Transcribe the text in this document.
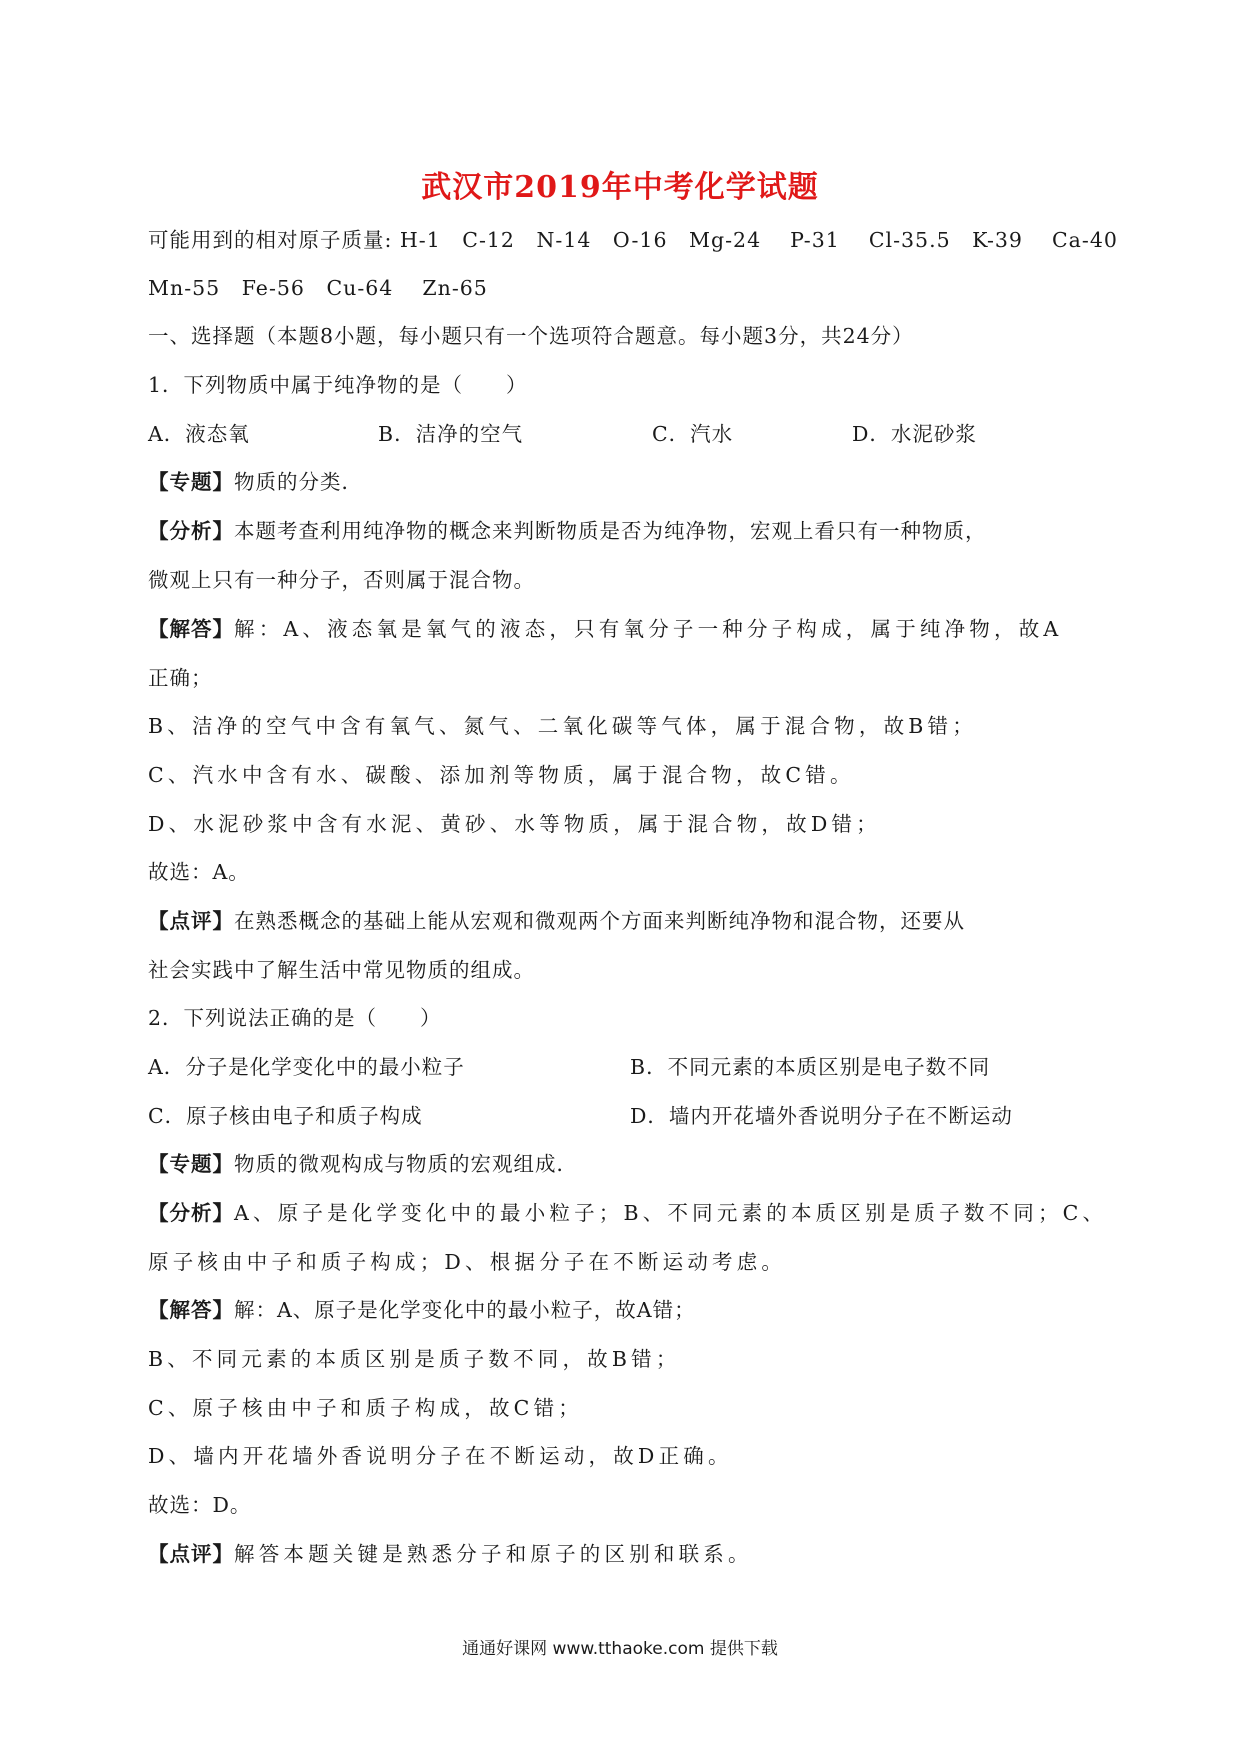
武汉市2019年中考化学试题
可能用到的相对原子质量: H-1　C-12　N-14　O-16　Mg-24　 P-31　 Cl-35.5　K-39　 Ca-40
Mn-55　Fe-56　Cu-64　 Zn-65
一、选择题（本题8小题，每小题只有一个选项符合题意。每小题3分，共24分）
1．下列物质中属于纯净物的是（　　）
A．液态氧	B．洁净的空气	C．汽水	D．水泥砂浆
【专题】物质的分类．
【分析】本题考查利用纯净物的概念来判断物质是否为纯净物，宏观上看只有一种物质，
微观上只有一种分子，否则属于混合物。
【解答】解：A、液态氧是氧气的液态，只有氧分子一种分子构成，属于纯净物，故A
正确；
B、洁净的空气中含有氧气、氮气、二氧化碳等气体，属于混合物，故B错；
C、汽水中含有水、碳酸、添加剂等物质，属于混合物，故C错。
D、水泥砂浆中含有水泥、黄砂、水等物质，属于混合物，故D错；
故选：A。
【点评】在熟悉概念的基础上能从宏观和微观两个方面来判断纯净物和混合物，还要从
社会实践中了解生活中常见物质的组成。
2．下列说法正确的是（　　）
A．分子是化学变化中的最小粒子	B．不同元素的本质区别是电子数不同
C．原子核由电子和质子构成	D．墙内开花墙外香说明分子在不断运动
【专题】物质的微观构成与物质的宏观组成．
【分析】A、原子是化学变化中的最小粒子；B、不同元素的本质区别是质子数不同；C、
原子核由中子和质子构成；D、根据分子在不断运动考虑。
【解答】解：A、原子是化学变化中的最小粒子，故A错；
B、不同元素的本质区别是质子数不同，故B错；
C、原子核由中子和质子构成，故C错；
D、墙内开花墙外香说明分子在不断运动，故D正确。
故选：D。
【点评】解答本题关键是熟悉分子和原子的区别和联系。
通通好课网 www.tthaoke.com 提供下载
